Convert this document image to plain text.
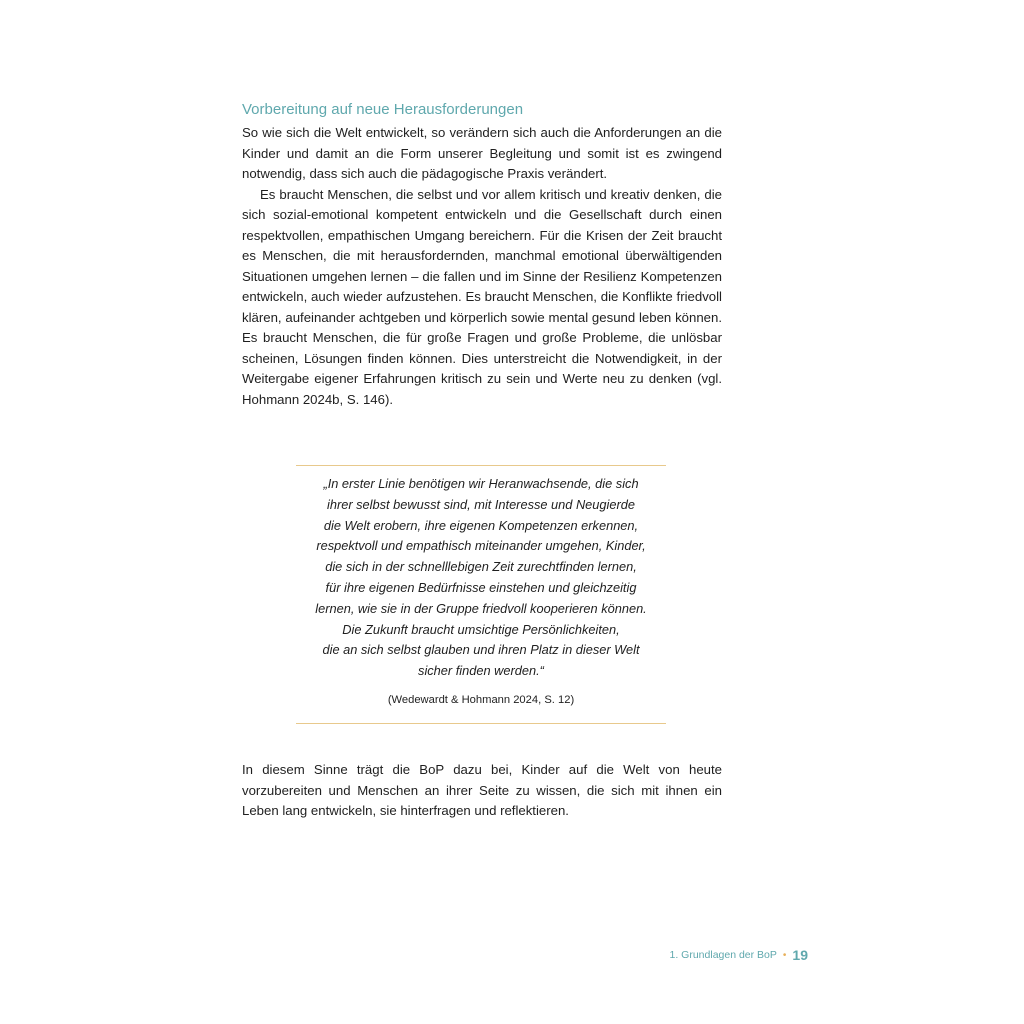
Vorbereitung auf neue Herausforderungen

So wie sich die Welt entwickelt, so verändern sich auch die Anforderungen an die Kinder und damit an die Form unserer Begleitung und somit ist es zwingend notwendig, dass sich auch die pädagogische Praxis verändert.

Es braucht Menschen, die selbst und vor allem kritisch und kreativ denken, die sich sozial-emotional kompetent entwickeln und die Gesellschaft durch einen respektvollen, empathischen Umgang bereichern. Für die Krisen der Zeit braucht es Menschen, die mit herausfordernden, manchmal emotional überwältigenden Situationen umgehen lernen – die fallen und im Sinne der Resilienz Kompetenzen entwickeln, auch wieder aufzustehen. Es braucht Menschen, die Konflikte friedvoll klären, aufeinander achtgeben und körperlich sowie mental gesund leben können. Es braucht Menschen, die für große Fragen und große Probleme, die unlösbar scheinen, Lösungen finden können. Dies unterstreicht die Notwendigkeit, in der Weitergabe eigener Erfahrungen kritisch zu sein und Werte neu zu denken (vgl. Hohmann 2024b, S. 146).

„In erster Linie benötigen wir Heranwachsende, die sich
ihrer selbst bewusst sind, mit Interesse und Neugierde
die Welt erobern, ihre eigenen Kompetenzen erkennen,
respektvoll und empathisch miteinander umgehen, Kinder,
die sich in der schnelllebigen Zeit zurechtfinden lernen,
für ihre eigenen Bedürfnisse einstehen und gleichzeitig
lernen, wie sie in der Gruppe friedvoll kooperieren können.
Die Zukunft braucht umsichtige Persönlichkeiten,
die an sich selbst glauben und ihren Platz in dieser Welt
sicher finden werden.“

(Wedewardt & Hohmann 2024, S. 12)

In diesem Sinne trägt die BoP dazu bei, Kinder auf die Welt von heute vorzubereiten und Menschen an ihrer Seite zu wissen, die sich mit ihnen ein Leben lang entwickeln, sie hinterfragen und reflektieren.

1. Grundlagen der BoP • 19
